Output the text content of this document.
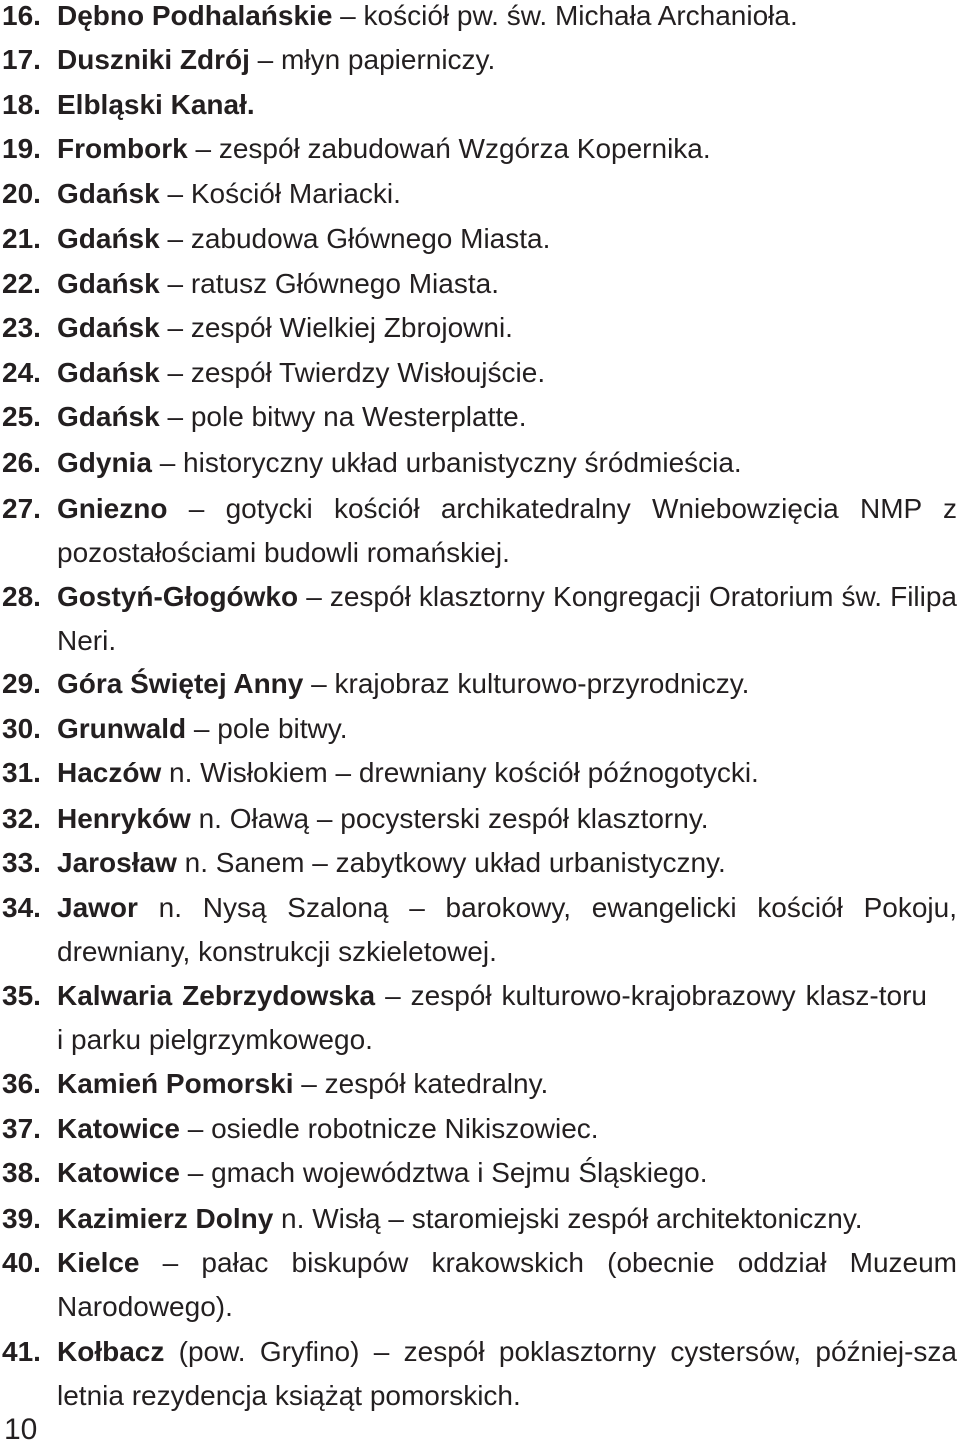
16. Dębno Podhalańskie – kościół pw. św. Michała Archanioła.
17. Duszniki Zdrój – młyn papierniczy.
18. Elbląski Kanał.
19. Frombork – zespół zabudowań Wzgórza Kopernika.
20. Gdańsk – Kościół Mariacki.
21. Gdańsk – zabudowa Głównego Miasta.
22. Gdańsk – ratusz Głównego Miasta.
23. Gdańsk – zespół Wielkiej Zbrojowni.
24. Gdańsk – zespół Twierdzy Wisłoujście.
25. Gdańsk – pole bitwy na Westerplatte.
26. Gdynia – historyczny układ urbanistyczny śródmieścia.
27. Gniezno – gotycki kościół archikatedralny Wniebowzięcia NMP z pozostałościami budowli romańskiej.
28. Gostyń-Głogówko – zespół klasztorny Kongregacji Oratorium św. Filipa Neri.
29. Góra Świętej Anny – krajobraz kulturowo-przyrodniczy.
30. Grunwald – pole bitwy.
31. Haczów n. Wisłokiem – drewniany kościół późnogotycki.
32. Henryków n. Oławą – pocysterski zespół klasztorny.
33. Jarosław n. Sanem – zabytkowy układ urbanistyczny.
34. Jawor n. Nysą Szaloną – barokowy, ewangelicki kościół Pokoju, drewniany, konstrukcji szkieletowej.
35. Kalwaria Zebrzydowska – zespół kulturowo-krajobrazowy klasz-toru i parku pielgrzymkowego.
36. Kamień Pomorski – zespół katedralny.
37. Katowice – osiedle robotnicze Nikiszowiec.
38. Katowice – gmach województwa i Sejmu Śląskiego.
39. Kazimierz Dolny n. Wisłą – staromiejski zespół architektoniczny.
40. Kielce – pałac biskupów krakowskich (obecnie oddział Muzeum Narodowego).
41. Kołbacz (pow. Gryfino) – zespół poklasztorny cystersów, później-sza letnia rezydencja książąt pomorskich.
10
